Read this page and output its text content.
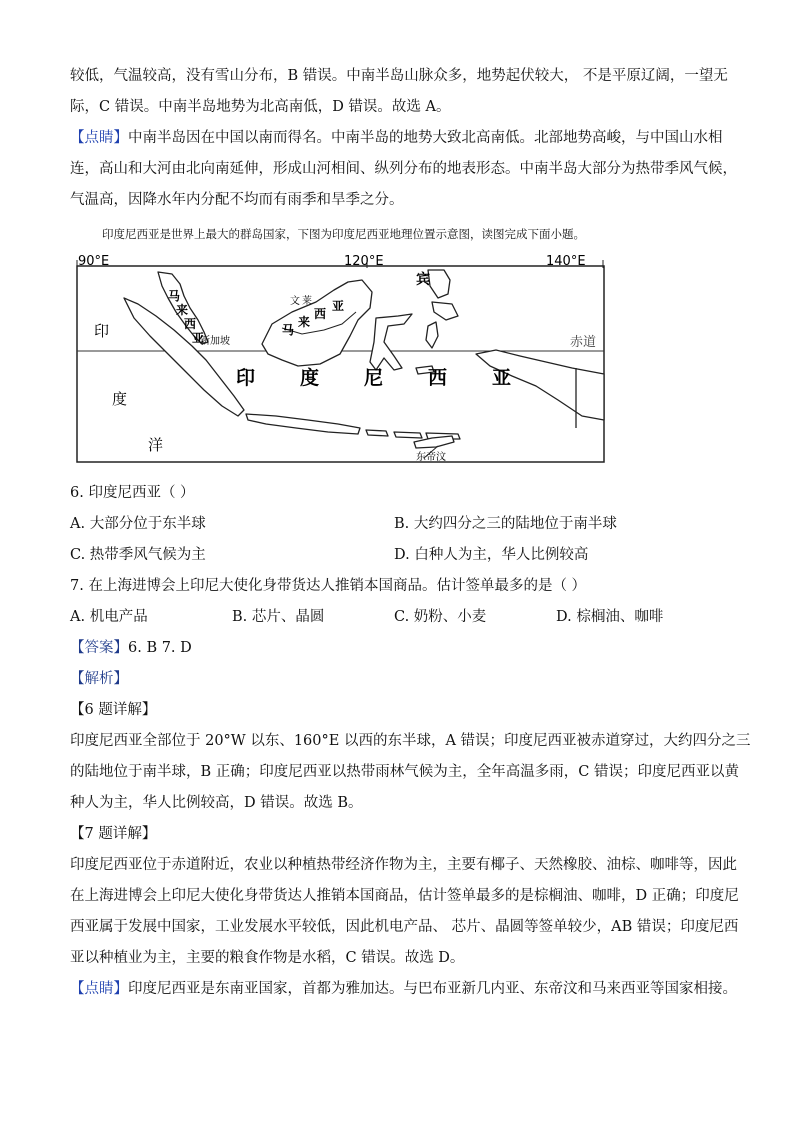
较低，气温较高，没有雪山分布，B 错误。中南半岛山脉众多，地势起伏较大， 不是平原辽阔，一望无
际，C 错误。中南半岛地势为北高南低，D 错误。故选 A。
【点睛】中南半岛因在中国以南而得名。中南半岛的地势大致北高南低。北部地势高峻，与中国山水相
连，高山和大河由北向南延伸，形成山河相间、纵列分布的地表形态。中南半岛大部分为热带季风气候，
气温高，因降水年内分配不均而有雨季和旱季之分。
印度尼西亚是世界上最大的群岛国家，下图为印度尼西亚地理位置示意图，读图完成下面小题。
90°E	120°E	140°E
赤道
马
来
西
亚
新加坡
文 莱
马
来
西
亚
宾
印 度 尼 西 亚
印
度
洋
东帝汶
6. 印度尼西亚（ ）
A. 大部分位于东半球	B. 大约四分之三的陆地位于南半球
C. 热带季风气候为主	D. 白种人为主，华人比例较高
7. 在上海进博会上印尼大使化身带货达人推销本国商品。估计签单最多的是（ ）
A. 机电产品	B. 芯片、晶圆	C. 奶粉、小麦	D. 棕榈油、咖啡
【答案】6. B 7. D
【解析】
【6 题详解】
印度尼西亚全部位于 20°W 以东、160°E 以西的东半球，A 错误；印度尼西亚被赤道穿过，大约四分之三
的陆地位于南半球，B 正确；印度尼西亚以热带雨林气候为主，全年高温多雨，C 错误；印度尼西亚以黄
种人为主，华人比例较高，D 错误。故选 B。
【7 题详解】
印度尼西亚位于赤道附近，农业以种植热带经济作物为主，主要有椰子、天然橡胶、油棕、咖啡等，因此
在上海进博会上印尼大使化身带货达人推销本国商品，估计签单最多的是棕榈油、咖啡，D 正确；印度尼
西亚属于发展中国家，工业发展水平较低，因此机电产品、 芯片、晶圆等签单较少，AB 错误；印度尼西
亚以种植业为主，主要的粮食作物是水稻，C 错误。故选 D。
【点睛】印度尼西亚是东南亚国家，首都为雅加达。与巴布亚新几内亚、东帝汶和马来西亚等国家相接。
